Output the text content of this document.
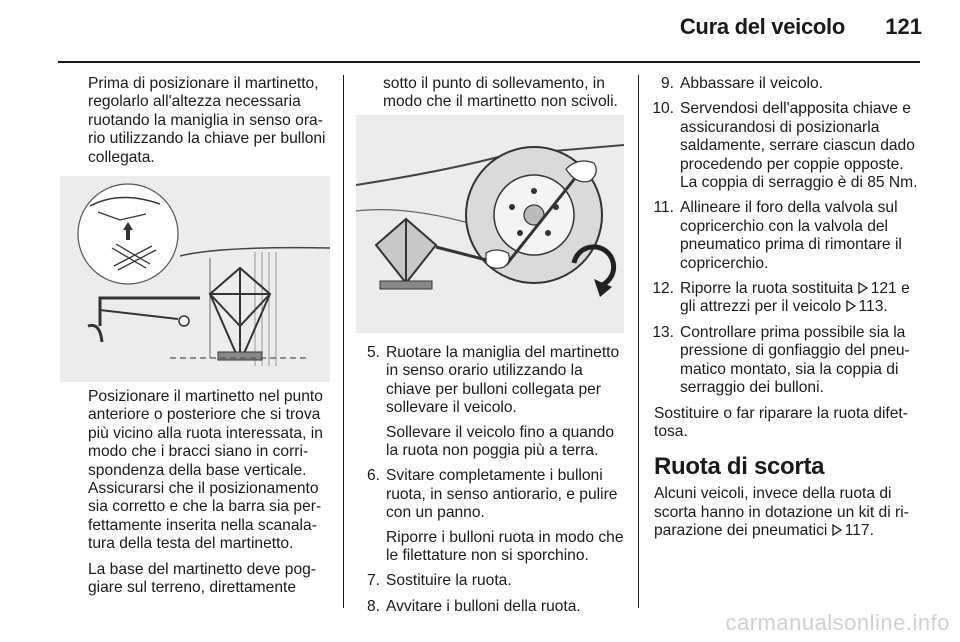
Cura del veicolo	121

Prima di posizionare il martinetto, regolarlo all'altezza necessaria ruotando la maniglia in senso ora-rio utilizzando la chiave per bulloni collegata.

Posizionare il martinetto nel punto anteriore o posteriore che si trova più vicino alla ruota interessata, in modo che i bracci siano in corri-spondenza della base verticale. Assicurarsi che il posizionamento sia corretto e che la barra sia per-fettamente inserita nella scanala-tura della testa del martinetto.

La base del martinetto deve pog-giare sul terreno, direttamente

sotto il punto di sollevamento, in modo che il martinetto non scivoli.

5. Ruotare la maniglia del martinetto in senso orario utilizzando la chiave per bulloni collegata per sollevare il veicolo.
Sollevare il veicolo fino a quando la ruota non poggia più a terra.
6. Svitare completamente i bulloni ruota, in senso antiorario, e pulire con un panno.
Riporre i bulloni ruota in modo che le filettature non si sporchino.
7. Sostituire la ruota.
8. Avvitare i bulloni della ruota.
9. Abbassare il veicolo.
10. Servendosi dell'apposita chiave e assicurandosi di posizionarla saldamente, serrare ciascun dado procedendo per coppie opposte. La coppia di serraggio è di 85 Nm.
11. Allineare il foro della valvola sul copricerchio con la valvola del pneumatico prima di rimontare il copricerchio.
12. Riporre la ruota sostituita 121 e gli attrezzi per il veicolo 113.
13. Controllare prima possibile sia la pressione di gonfiaggio del pneu-matico montato, sia la coppia di serraggio dei bulloni.

Sostituire o far riparare la ruota difet-tosa.

Ruota di scorta

Alcuni veicoli, invece della ruota di scorta hanno in dotazione un kit di ri-parazione dei pneumatici 117.

carmanualsonline.info
